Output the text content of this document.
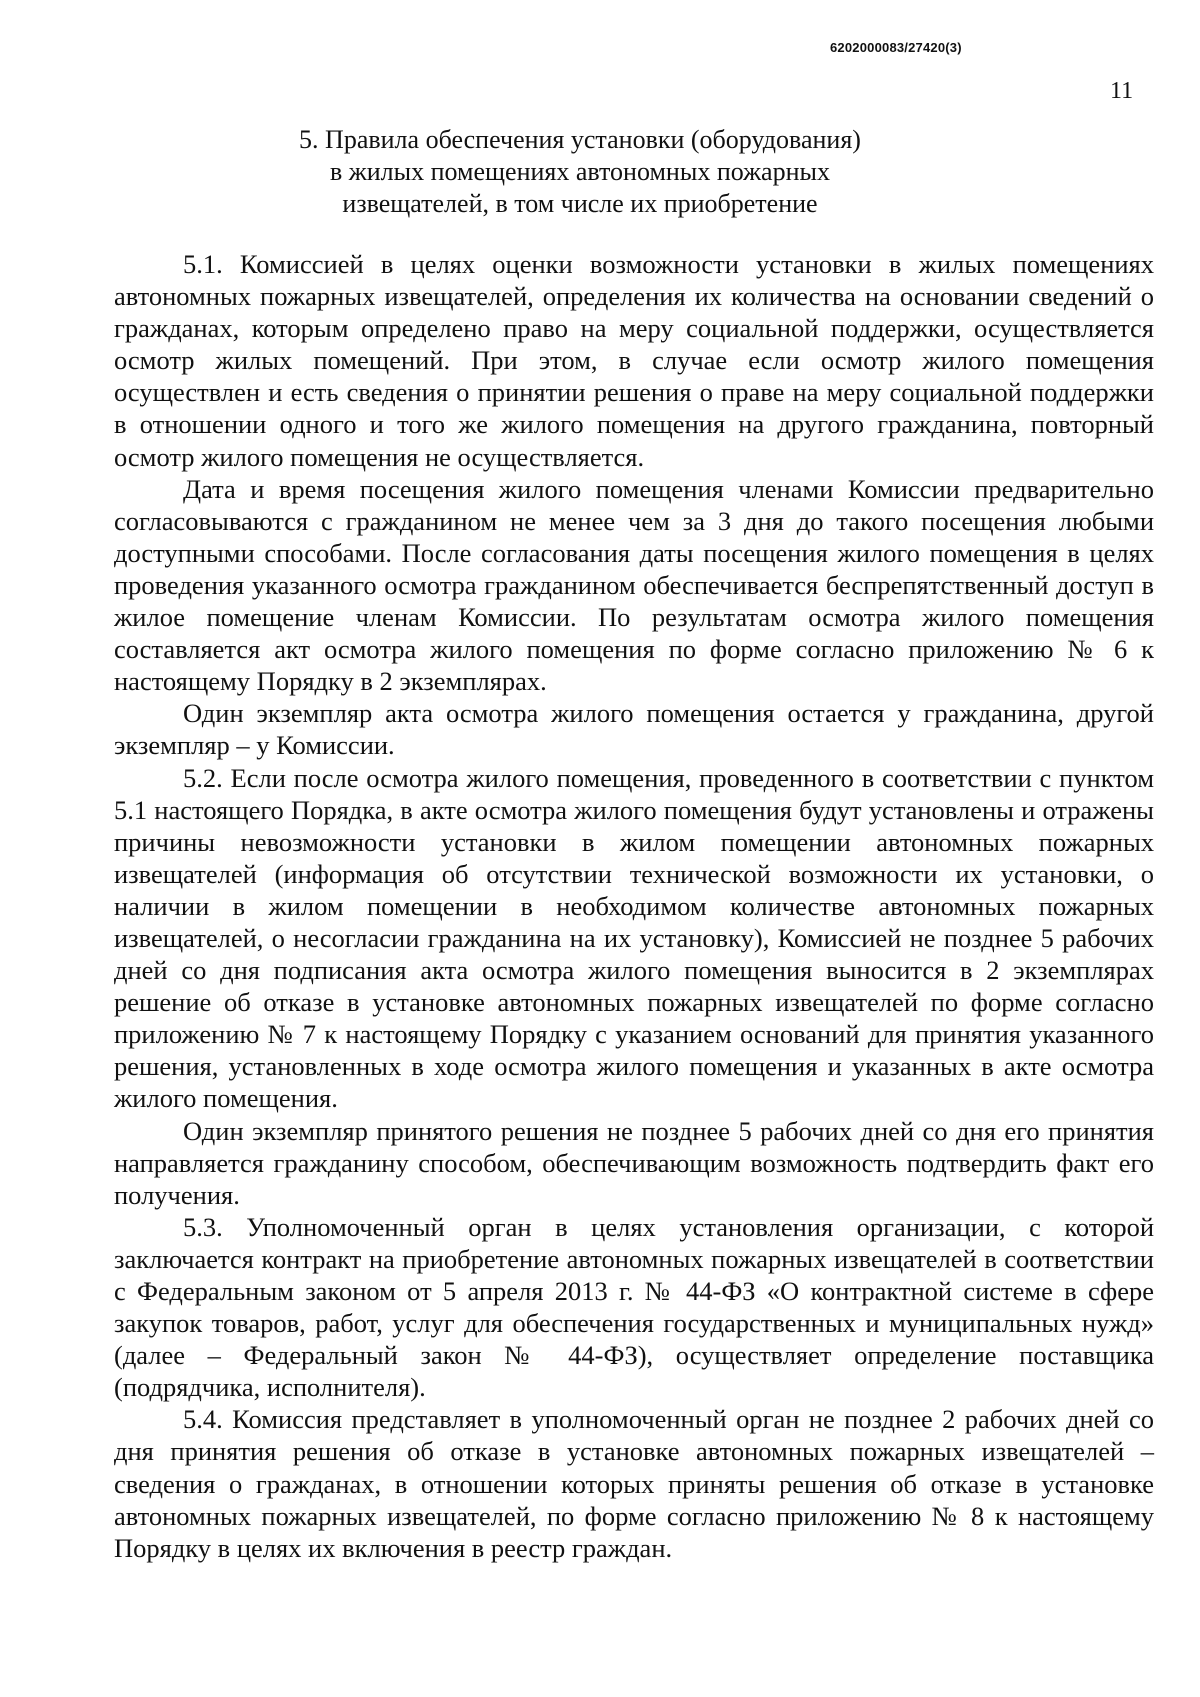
6202000083/27420(3)
11
5. Правила обеспечения установки (оборудования)
в жилых помещениях автономных пожарных
извещателей, в том числе их приобретение

5.1. Комиссией в целях оценки возможности установки в жилых помещениях автономных пожарных извещателей, определения их количества на основании сведений о гражданах, которым определено право на меру социальной поддержки, осуществляется осмотр жилых помещений. При этом, в случае если осмотр жилого помещения осуществлен и есть сведения о принятии решения о праве на меру социальной поддержки в отношении одного и того же жилого помещения на другого гражданина, повторный осмотр жилого помещения не осуществляется.

Дата и время посещения жилого помещения членами Комиссии предварительно согласовываются с гражданином не менее чем за 3 дня до такого посещения любыми доступными способами. После согласования даты посещения жилого помещения в целях проведения указанного осмотра гражданином обеспечивается беспрепятственный доступ в жилое помещение членам Комиссии. По результатам осмотра жилого помещения составляется акт осмотра жилого помещения по форме согласно приложению № 6 к настоящему Порядку в 2 экземплярах.

Один экземпляр акта осмотра жилого помещения остается у гражданина, другой экземпляр – у Комиссии.

5.2. Если после осмотра жилого помещения, проведенного в соответствии с пунктом 5.1 настоящего Порядка, в акте осмотра жилого помещения будут установлены и отражены причины невозможности установки в жилом помещении автономных пожарных извещателей (информация об отсутствии технической возможности их установки, о наличии в жилом помещении в необходимом количестве автономных пожарных извещателей, о несогласии гражданина на их установку), Комиссией не позднее 5 рабочих дней со дня подписания акта осмотра жилого помещения выносится в 2 экземплярах решение об отказе в установке автономных пожарных извещателей по форме согласно приложению № 7 к настоящему Порядку с указанием оснований для принятия указанного решения, установленных в ходе осмотра жилого помещения и указанных в акте осмотра жилого помещения.

Один экземпляр принятого решения не позднее 5 рабочих дней со дня его принятия направляется гражданину способом, обеспечивающим возможность подтвердить факт его получения.

5.3. Уполномоченный орган в целях установления организации, с которой заключается контракт на приобретение автономных пожарных извещателей в соответствии с Федеральным законом от 5 апреля 2013 г. № 44-ФЗ «О контрактной системе в сфере закупок товаров, работ, услуг для обеспечения государственных и муниципальных нужд» (далее – Федеральный закон № 44-ФЗ), осуществляет определение поставщика (подрядчика, исполнителя).

5.4. Комиссия представляет в уполномоченный орган не позднее 2 рабочих дней со дня принятия решения об отказе в установке автономных пожарных извещателей – сведения о гражданах, в отношении которых приняты решения об отказе в установке автономных пожарных извещателей, по форме согласно приложению № 8 к настоящему Порядку в целях их включения в реестр граждан.
